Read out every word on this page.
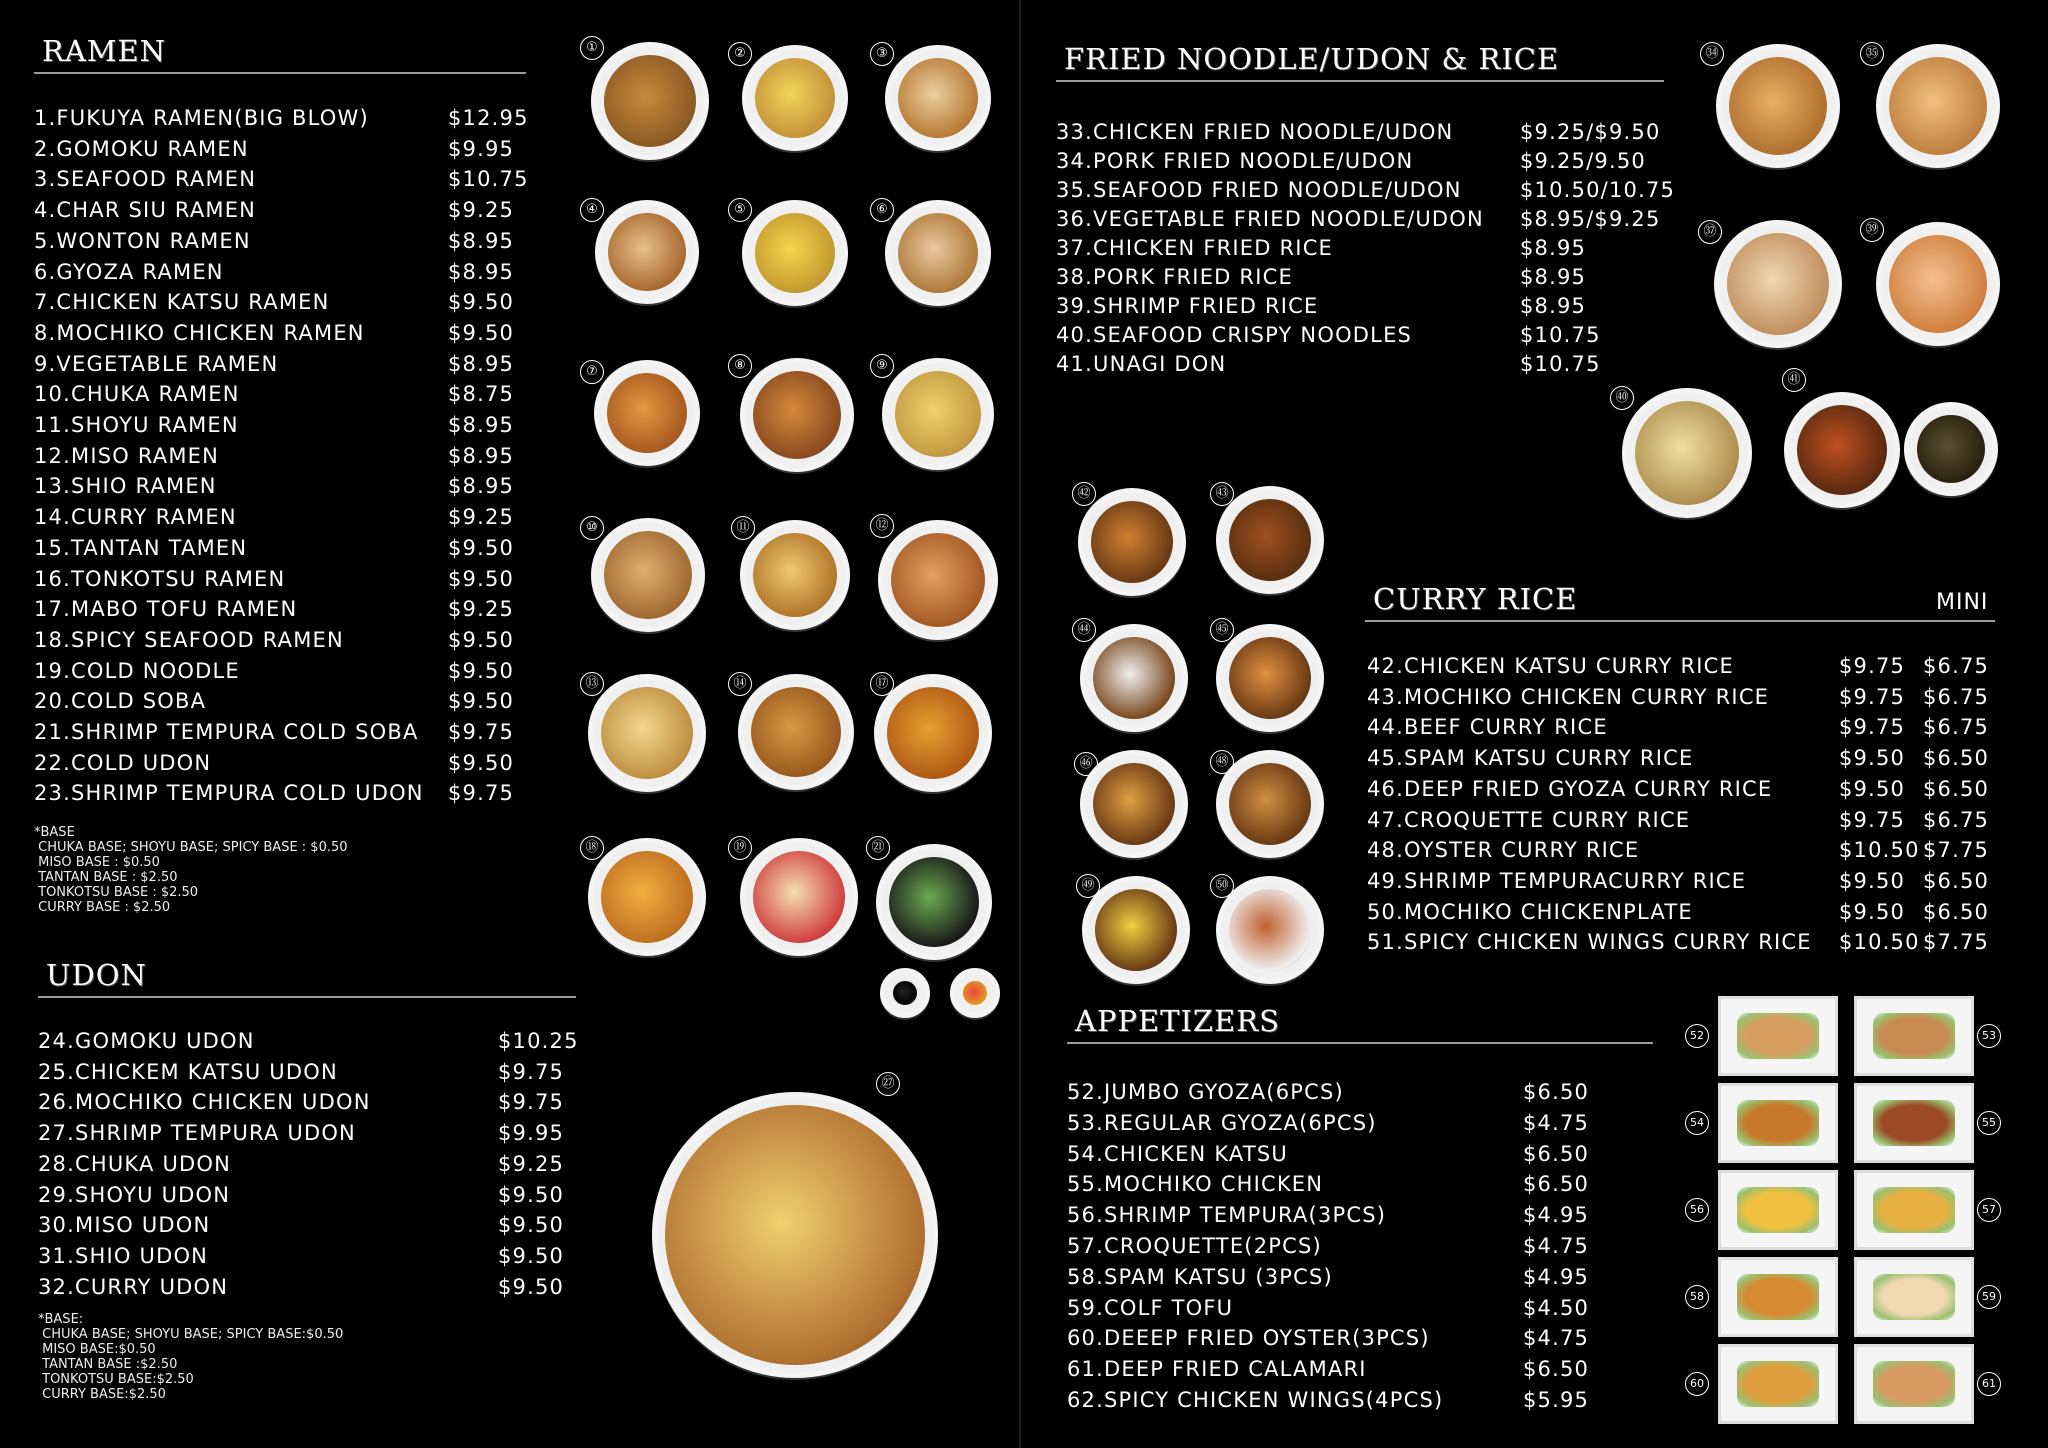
RAMEN
1.FUKUYA RAMEN(BIG BLOW)	$12.95
2.GOMOKU RAMEN	$9.95
3.SEAFOOD RAMEN	$10.75
4.CHAR SIU RAMEN	$9.25
5.WONTON RAMEN	$8.95
6.GYOZA RAMEN	$8.95
7.CHICKEN KATSU RAMEN	$9.50
8.MOCHIKO CHICKEN RAMEN	$9.50
9.VEGETABLE RAMEN	$8.95
10.CHUKA RAMEN	$8.75
11.SHOYU RAMEN	$8.95
12.MISO RAMEN	$8.95
13.SHIO RAMEN	$8.95
14.CURRY RAMEN	$9.25
15.TANTAN TAMEN	$9.50
16.TONKOTSU RAMEN	$9.50
17.MABO TOFU RAMEN	$9.25
18.SPICY SEAFOOD RAMEN	$9.50
19.COLD NOODLE	$9.50
20.COLD SOBA	$9.50
21.SHRIMP TEMPURA COLD SOBA $9.75
22.COLD UDON	$9.50
23.SHRIMP TEMPURA COLD UDON $9.75
*BASE
CHUKA BASE; SHOYU BASE; SPICY BASE : $0.50
MISO BASE : $0.50
TANTAN BASE : $2.50
TONKOTSU BASE : $2.50
CURRY BASE : $2.50
UDON
24.GOMOKU UDON	$10.25
25.CHICKEM KATSU UDON	$9.75
26.MOCHIKO CHICKEN UDON	$9.75
27.SHRIMP TEMPURA UDON	$9.95
28.CHUKA UDON	$9.25
29.SHOYU UDON	$9.50
30.MISO UDON	$9.50
31.SHIO UDON	$9.50
32.CURRY UDON	$9.50
*BASE:
CHUKA BASE; SHOYU BASE; SPICY BASE:$0.50
MISO BASE:$0.50
TANTAN BASE :$2.50
TONKOTSU BASE:$2.50
CURRY BASE:$2.50
FRIED NOODLE/UDON & RICE
33.CHICKEN FRIED NOODLE/UDON	$9.25/$9.50
34.PORK FRIED NOODLE/UDON	$9.25/9.50
35.SEAFOOD FRIED NOODLE/UDON	$10.50/10.75
36.VEGETABLE FRIED NOODLE/UDON $8.95/$9.25
37.CHICKEN FRIED RICE	$8.95
38.PORK FRIED RICE	$8.95
39.SHRIMP FRIED RICE	$8.95
40.SEAFOOD CRISPY NOODLES	$10.75
41.UNAGI DON	$10.75
CURRY RICE	MINI
42.CHICKEN KATSU CURRY RICE	$9.75 $6.75
43.MOCHIKO CHICKEN CURRY RICE	$9.75 $6.75
44.BEEF CURRY RICE	$9.75 $6.75
45.SPAM KATSU CURRY RICE	$9.50 $6.50
46.DEEP FRIED GYOZA CURRY RICE	$9.50 $6.50
47.CROQUETTE CURRY RICE	$9.75 $6.75
48.OYSTER CURRY RICE	$10.50 $7.75
49.SHRIMP TEMPURACURRY RICE	$9.50 $6.50
50.MOCHIKO CHICKENPLATE	$9.50 $6.50
51.SPICY CHICKEN WINGS CURRY RICE $10.50 $7.75
APPETIZERS
52.JUMBO GYOZA(6PCS)	$6.50
53.REGULAR GYOZA(6PCS)	$4.75
54.CHICKEN KATSU	$6.50
55.MOCHIKO CHICKEN	$6.50
56.SHRIMP TEMPURA(3PCS)	$4.95
57.CROQUETTE(2PCS)	$4.75
58.SPAM KATSU (3PCS)	$4.95
59.COLF TOFU	$4.50
60.DEEEP FRIED OYSTER(3PCS)	$4.75
61.DEEP FRIED CALAMARI	$6.50
62.SPICY CHICKEN WINGS(4PCS)	$5.95
①	②	③
④	⑤	⑥
⑦	⑧	⑨
⑩	⑪	⑫
⑬	⑭	⑰
⑱	⑲	㉑
㉗
㉞	㉟
㊲	㊴
㊵
㊶
㊷	㊸
㊹	㊺
㊻	㊽
㊾	㊿
52	53
54	55
56	57
58	59
60	61
